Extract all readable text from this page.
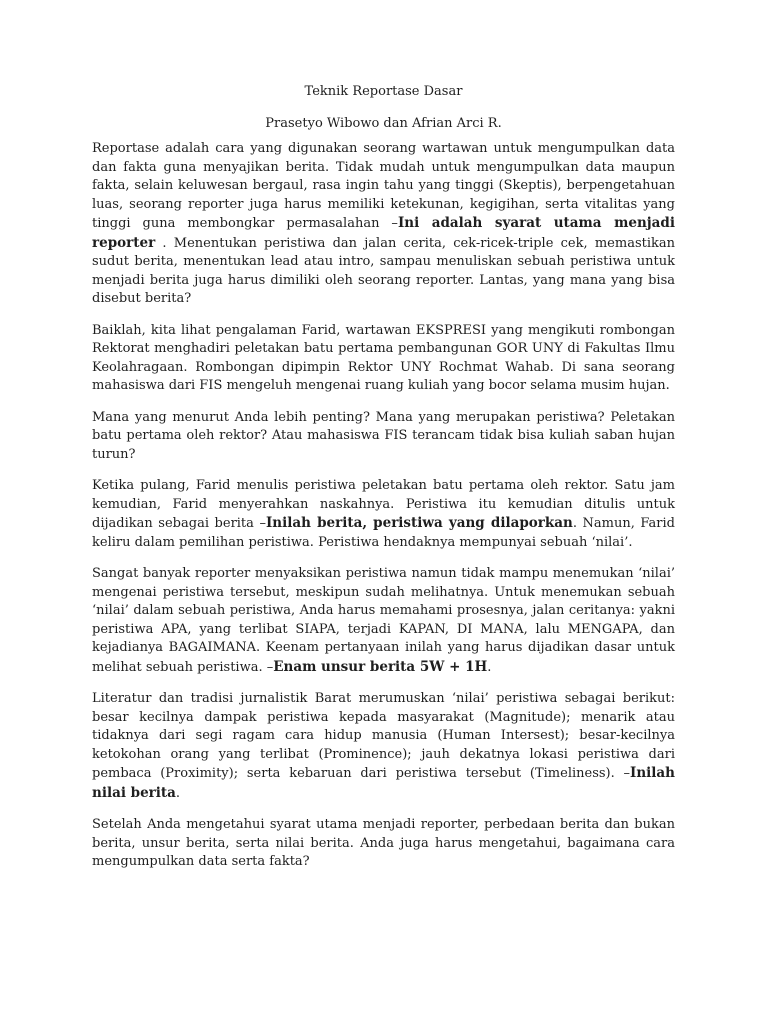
Teknik Reportase Dasar
Prasetyo Wibowo dan Afrian Arci R.

Reportase adalah cara yang digunakan seorang wartawan untuk mengumpulkan data dan fakta guna menyajikan berita. Tidak mudah untuk mengumpulkan data maupun fakta, selain keluwesan bergaul, rasa ingin tahu yang tinggi (Skeptis), berpengetahuan luas, seorang reporter juga harus memiliki ketekunan, kegigihan, serta vitalitas yang tinggi guna membongkar permasalahan –Ini adalah syarat utama menjadi reporter . Menentukan peristiwa dan jalan cerita, cek-ricek-triple cek, memastikan sudut berita, menentukan lead atau intro, sampau menuliskan sebuah peristiwa untuk menjadi berita juga harus dimiliki oleh seorang reporter. Lantas, yang mana yang bisa disebut berita?

Baiklah, kita lihat pengalaman Farid, wartawan EKSPRESI yang mengikuti rombongan Rektorat menghadiri peletakan batu pertama pembangunan GOR UNY di Fakultas Ilmu Keolahragaan. Rombongan dipimpin Rektor UNY Rochmat Wahab. Di sana seorang mahasiswa dari FIS mengeluh mengenai ruang kuliah yang bocor selama musim hujan.

Mana yang menurut Anda lebih penting? Mana yang merupakan peristiwa? Peletakan batu pertama oleh rektor? Atau mahasiswa FIS terancam tidak bisa kuliah saban hujan turun?

Ketika pulang, Farid menulis peristiwa peletakan batu pertama oleh rektor. Satu jam kemudian, Farid menyerahkan naskahnya. Peristiwa itu kemudian ditulis untuk dijadikan sebagai berita –Inilah berita, peristiwa yang dilaporkan. Namun, Farid keliru dalam pemilihan peristiwa. Peristiwa hendaknya mempunyai sebuah ‘nilai’.

Sangat banyak reporter menyaksikan peristiwa namun tidak mampu menemukan ‘nilai’ mengenai peristiwa tersebut, meskipun sudah melihatnya. Untuk menemukan sebuah ‘nilai’ dalam sebuah peristiwa, Anda harus memahami prosesnya, jalan ceritanya: yakni peristiwa APA, yang terlibat SIAPA, terjadi KAPAN, DI MANA, lalu MENGAPA, dan kejadianya BAGAIMANA. Keenam pertanyaan inilah yang harus dijadikan dasar untuk melihat sebuah peristiwa. –Enam unsur berita 5W + 1H.

Literatur dan tradisi jurnalistik Barat merumuskan ‘nilai’ peristiwa sebagai berikut: besar kecilnya dampak peristiwa kepada masyarakat (Magnitude); menarik atau tidaknya dari segi ragam cara hidup manusia (Human Intersest); besar-kecilnya ketokohan orang yang terlibat (Prominence); jauh dekatnya lokasi peristiwa dari pembaca (Proximity); serta kebaruan dari peristiwa tersebut (Timeliness). –Inilah nilai berita.

Setelah Anda mengetahui syarat utama menjadi reporter, perbedaan berita dan bukan berita, unsur berita, serta nilai berita. Anda juga harus mengetahui, bagaimana cara mengumpulkan data serta fakta?
